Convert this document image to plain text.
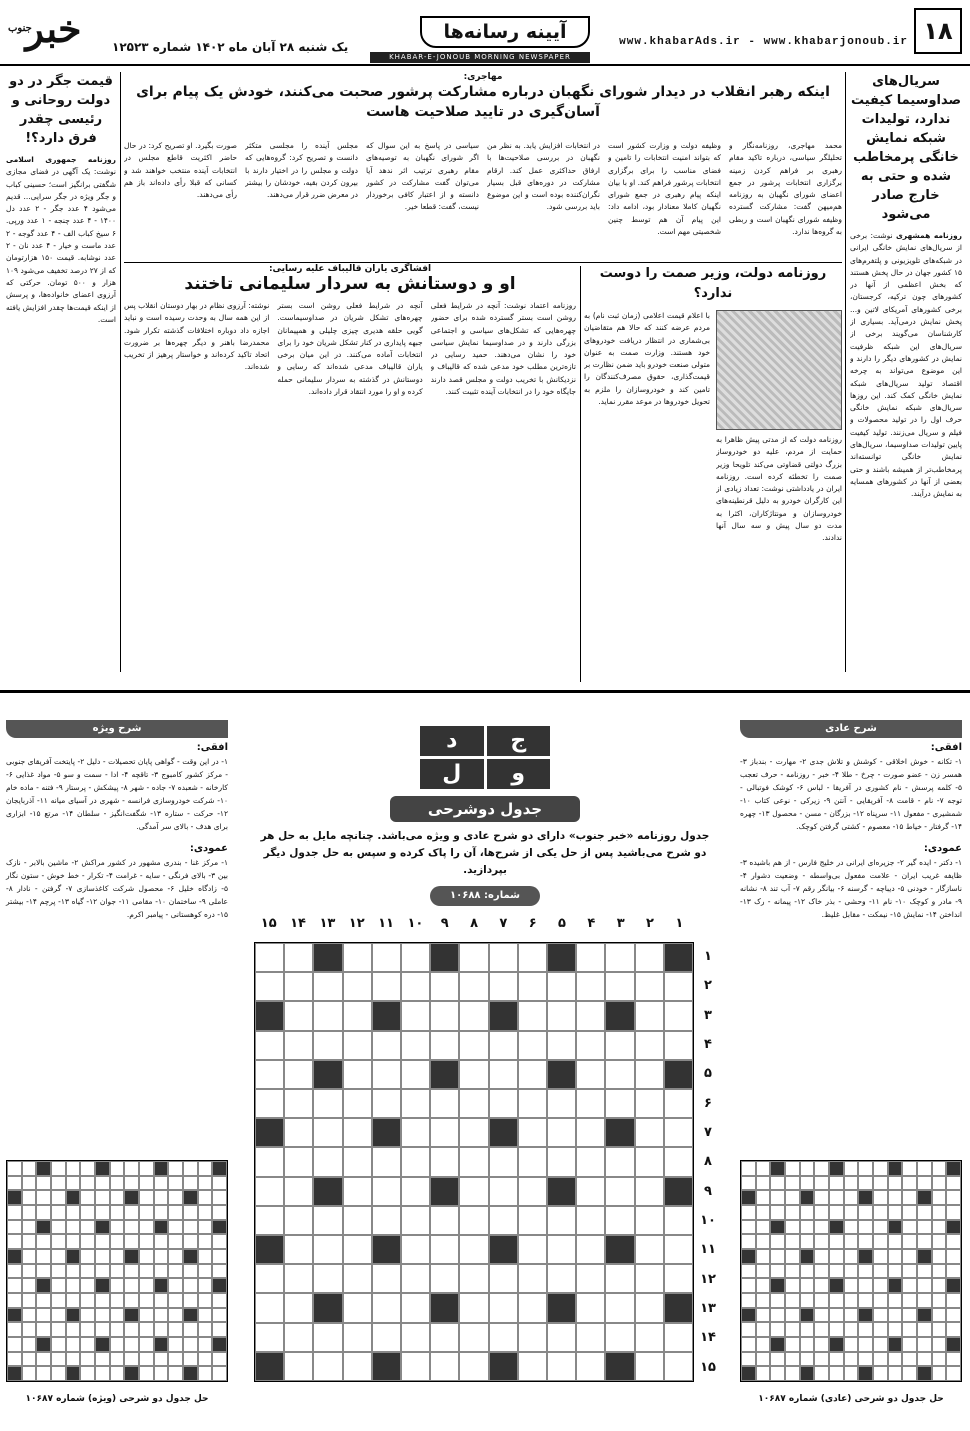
۱۸
www.khabarAds.ir - www.khabarjonoub.ir
آیینه رسانه‌ها
یک شنبه ۲۸ آبان ماه ۱۴۰۲ شماره ۱۲۵۲۳
KHABAR-E-JONOUB MORNING NEWSPAPER
خبر
جنوب
سریال‌های صداوسیما کیفیت ندارد، تولیدات شبکه نمایش خانگی پرمخاطب شده و حتی به خارج صادر می‌شود
روزنامه همشهری نوشت: برخی از سریال‌های نمایش خانگی ایرانی در شبکه‌های تلویزیونی و پلتفرم‌های ۱۵ کشور جهان در حال پخش هستند که بخش اعظمی از آنها در کشورهای چون ترکیه، کرجستان، برخی کشورهای آمریکای لاتین و... پخش نمایش درمی‌آید. بسیاری از کارشناسان می‌گویند برخی از سریال‌های این شبکه ظرفیت نمایش در کشورهای دیگر را دارند و این موضوع می‌تواند به چرخه اقتصاد تولید سریال‌های شبکه نمایش خانگی کمک کند. این روزها سریال‌های شبکه نمایش خانگی حرف اول را در تولید محصولات و فیلم و سریال می‌زنند. تولید کیفیت پایین تولیدات صداوسیما، سریال‌های نمایش خانگی توانسته‌اند پرمخاطب‌تر از همیشه باشند و حتی بعضی از آنها در کشورهای همسایه به نمایش درآیند.
قیمت جگر در دو دولت روحانی و رئیسی چقدر فرق دارد؟!
روزنامه جمهوری اسلامی نوشت: یک آگهی در فضای مجازی شگفتی برانگیز است؛ حسینی کباب و جگر ویژه در جگر سرایی... قدیم می‌شود ۴ عدد جگر - ۲ عدد دل ۱۴۰۰ - ۴ عدد چنجه - ۱ عدد ورپی. ۶ سیخ کباب الف - ۴ عدد گوجه - ۲ عدد ماست و خیار - ۴ عدد نان - ۲ عدد نوشابه. قیمت ۱۵۰ هزارتومان که از ۲۷ درصد تخفیف می‌شود ۱۰۹ هزار و ۵۰۰ تومان. حرکتی که آرزوی اعضای خانواده‌ها، و پرسش از اینکه قیمت‌ها چقدر افزایش یافته است.
مهاجری:
اینکه رهبر انقلاب در دیدار شورای نگهبان درباره مشارکت پرشور صحبت می‌کنند، خودش یک پیام برای آسان‌گیری در تایید صلاحیت هاست
محمد مهاجری، روزنامه‌نگار و تحلیلگر سیاسی، درباره تاکید مقام رهبری بر فراهم کردن زمینه برگزاری انتخابات پرشور در جمع اعضای شورای نگهبان به روزنامه هم‌میهن گفت: مشارکت گسترده وظیفه شورای نگهبان است و ربطی به گروه‌ها ندارد.
وظیفه دولت و وزارت کشور است که بتواند امنیت انتخابات را تامین و فضای مناسب را برای برگزاری انتخابات پرشور فراهم کند. او با بیان اینکه پیام رهبری در جمع شورای نگهبان کاملا معنادار بود، ادامه داد: این پیام آن هم توسط چنین شخصیتی مهم است.
در انتخابات افزایش یابد. به نظر من نگهبان در بررسی صلاحیت‌ها با ارفاق حداکثری عمل کند. ارقام مشارکت در دوره‌های قبل بسیار نگران‌کننده بوده است و این موضوع باید بررسی شود.
سیاسی در پاسخ به این سوال که اگر شورای نگهبان به توصیه‌های مقام رهبری ترتیب اثر ندهد آیا می‌توان گفت مشارکت در کشور دانسته و از اعتبار کافی برخوردار نیست، گفت: قطعا خیر.
مجلس آینده را مجلسی متکثر دانست و تصریح کرد: گروه‌هایی که دولت و مجلس را در اختیار دارند با بیرون کردن بقیه، خودشان را بیشتر در معرض ضرر قرار می‌دهند.
صورت بگیرد. او تصریح کرد: در حال حاضر اکثریت قاطع مجلس در انتخابات آینده منتخب خواهند شد و کسانی که قبلا رأی داده‌اند باز هم رأی می‌دهند.
روزنامه دولت، وزیر صمت را دوست ندارد؟
روزنامه دولت که از مدتی پیش ظاهرا به حمایت از مردم، علیه دو خودروساز بزرگ دولتی قضاوتی می‌کند تلویحا وزیر صمت را تخطئه کرده است. روزنامه ایران در یادداشتی نوشت: تعداد زیادی از این کارگران خودرو به دلیل قرنطینه‌های خودروسازان و مونتاژکاران، اکثرا به مدت دو سال پیش و سه سال آنها ندادند.
با اعلام قیمت اعلامی (زمان ثبت نام) به مردم عرضه کنند که حالا هم متقاضیان بی‌شماری در انتظار دریافت خودروهای خود هستند. وزارت صمت به عنوان متولی صنعت خودرو باید ضمن نظارت بر قیمت‌گذاری، حقوق مصرف‌کنندگان را تامین کند و خودروسازان را ملزم به تحویل خودروها در موعد مقرر نماید.
افشاگری یاران قالیباف علیه رسایی:
او و دوستانش به سردار سلیمانی تاختند
روزنامه اعتماد نوشت: آنچه در شرایط فعلی روشن است بستر گسترده شده برای حضور چهره‌هایی که تشکل‌های سیاسی و اجتماعی بزرگی دارند و در صداوسیما نمایش سیاسی خود را نشان می‌دهند. حمید رسایی در تازه‌ترین مطلب خود مدعی شده که قالیباف و نزدیکانش با تخریب دولت و مجلس قصد دارند جایگاه خود را در انتخابات آینده تثبیت کنند.
آنچه در شرایط فعلی روشن است بستر چهره‌های تشکل شریان در صداوسیماست. گویی حلقه هدیری چیزی چلیلی و همپیمانان جبهه پایداری در کنار تشکل شریان خود را برای انتخابات آماده می‌کنند. در این میان برخی یاران قالیباف مدعی شده‌اند که رسایی و دوستانش در گذشته به سردار سلیمانی حمله کرده و او را مورد انتقاد قرار داده‌اند.
نوشته: آرزوی نظام در بهار دوستان انقلاب پس از این همه سال به وحدت رسیده است و نباید اجازه داد دوباره اختلافات گذشته تکرار شود. محمدرضا باهنر و دیگر چهره‌ها بر ضرورت اتحاد تاکید کرده‌اند و خواستار پرهیز از تخریب شده‌اند.
شرح عادی
افقی:
۱- تکانه - خوش اخلاقی - کوشش و تلاش جدی ۲- مهارت - بندباز ۳- همسر زن - عضو صورت - چرخ - طلا ۴- خبر - روزنامه - حرف تعجب ۵- کلمه پرسش - نام کشوری در آفریقا - لباس ۶- کوشک فوتبالی - توجه ۷- نام - قامت ۸- آفریقایی - آنتن ۹- زیرکی - نوعی کتاب ۱۰- شمشیری - مفعول ۱۱- سرپناه ۱۲- بزرگان - مسن - محصول ۱۳- چهره ۱۴- گرفتار - خیاط ۱۵- معصوم - کشتی گرفتن کوچک.
عمودی:
۱- دکتر - ایده گیر ۲- جزیره‌ای ایرانی در خلیج فارس - از هم باشیده ۳- ظایفه غریب ایران - علامت مفعول بی‌واسطه - وضعیت دشوار ۴- ناسازگار - خودنی ۵- دیباچه - گرسنه ۶- بیانگر رقم ۷- آب تند ۸- نشانه ۹- مادر و کوچک ۱۰- نام ۱۱- وحشی - بذر خاک ۱۲- پیمانه - رک ۱۳- انداختن ۱۴- نمایش ۱۵- نیمکت - مقابل غلیظ.
شرح ویژه
افقی:
۱- در این وقت - گواهی پایان تحصیلات - دلیل ۲- پایتخت آفریقای جنوبی - مرکز کشور کامبوج ۳- تاقچه ۴- ادا - سمت و سو ۵- مواد غذایی ۶- کارخانه - شعبده ۷- جاده - شهر ۸- پیشکش - پرستار ۹- فتنه - ماده خام ۱۰- شرکت خودروسازی فرانسه - شهری در آسیای میانه ۱۱- آذربایجان ۱۲- حرکت - ستاره ۱۳- شگفت‌انگیز - سلطان ۱۴- مرتع ۱۵- ابزاری برای هدف - بالای سر آمدگی.
عمودی:
۱- مرکز غنا - بندری مشهور در کشور مراکش ۲- ماشین بالابر - نازک بین ۳- بالای فرنگی - سایه - غرامت ۴- تکرار - خط خوش - ستون نگار ۵- زادگاه خلیل ۶- محصول شرکت کاغذسازی ۷- گرفتن - نادار ۸- عاملی ۹- ساختمان ۱۰- مقامی ۱۱- جوان ۱۲- گیاه ۱۳- پرچم ۱۴- بیشتر ۱۵- دره کوهستانی - پیامبر اکرم.
ج
د
و
ل
جدول دوشرحی
جدول روزنامه «خبر جنوب» دارای دو شرح عادی و ویژه می‌باشد. چنانچه مایل به حل هر دو شرح می‌باشید پس از حل یکی از شرح‌ها، آن را پاک کرده و سپس به حل جدول دیگر بپردازید.
شماره: ۱۰۶۸۸
۱
۲
۳
۴
۵
۶
۷
۸
۹
۱۰
۱۱
۱۲
۱۳
۱۴
۱۵
۱
۲
۳
۴
۵
۶
۷
۸
۹
۱۰
۱۱
۱۲
۱۳
۱۴
۱۵
حل جدول دو شرحی (عادی) شماره ۱۰۶۸۷
حل جدول دو شرحی (ویژه) شماره ۱۰۶۸۷
